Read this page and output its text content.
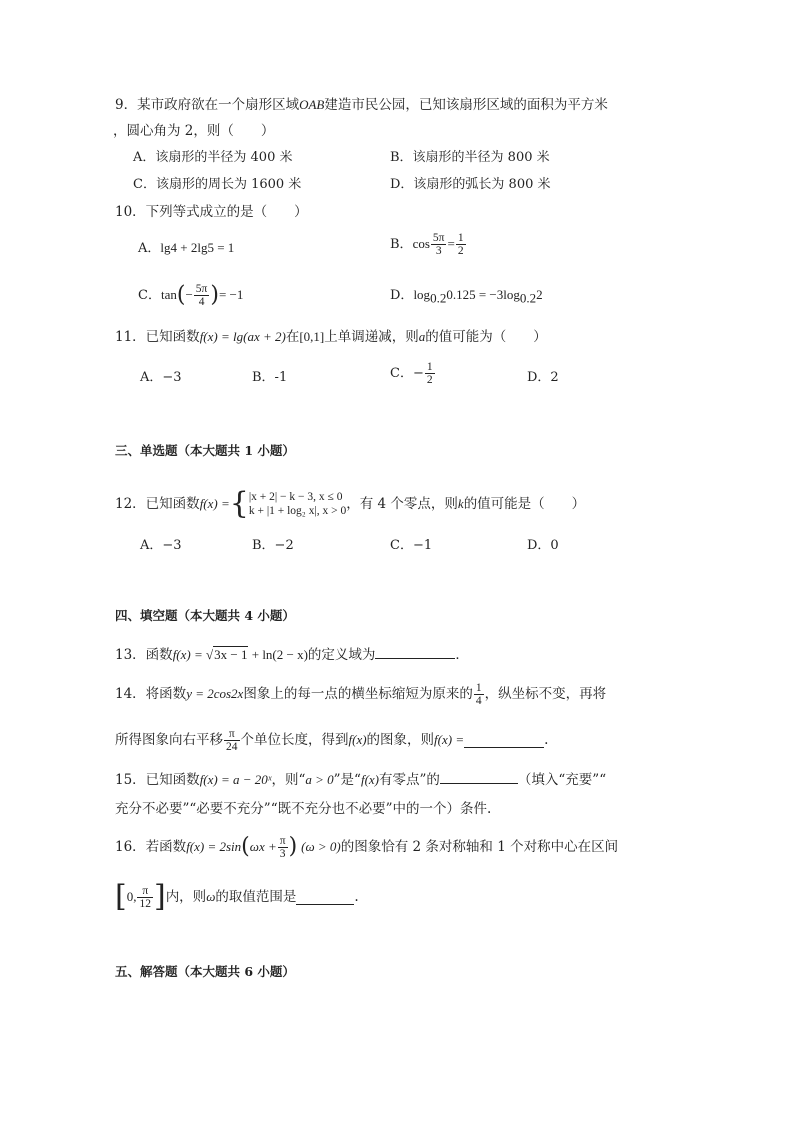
9．某市政府欲在一个扇形区域OAB建造市民公园，已知该扇形区域的面积为平方米
，圆心角为 2，则（　　）
A．该扇形的半径为 400 米	B．该扇形的半径为 800 米
C．该扇形的周长为 1600 米	D．该扇形的弧长为 800 米
10．下列等式成立的是（　　）
A．lg4 + 2lg5 = 1	B．$\cos \frac{5\pi}{3} = \frac{1}{2}$
C．$\tan(- \frac{5\pi}{4}$ )= −1	D．$\log_{0.2}0.125 = -3\log_{0.2}2$
11．已知函数f(x) = lg(ax + 2)在[0,1]上单调递减，则a的值可能为（　　）
A．−3	B．-1	C．− $\frac{1}{2}$	D．2
三、单选题（本大题共 1 小题）
12．已知函数 f(x) = { |x + 2| − k − 3, x ≤ 0
k + |1 + log₂ x|, x > 0 ，有 4 个零点，则 k 的值可能是（　　）
A．−3	B．−2	C．−1	D．0
四、填空题（本大题共 4 小题）
13．函数f(x) = √3x − 1 + ln(2 − x)的定义域为	．
14．将函数 y = 2cos2x 图象上的每一点的横坐标缩短为原来的 $\frac{1}{4}$ ，纵坐标不变，再将
所得图象向右平移 $\frac{\pi}{24}$ 个单位长度，得到 f(x) 的图象，则 f(x) =	.
15．已知函数f(x) = a − 20ˣ，则“a > 0”是“f(x)有零点”的	（填入“充要”“
充分不必要”“必要不充分”“既不充分也不必要”中的一个）条件.
16．若函数 f(x) = 2sin ( $\omega x + \frac{\pi}{3}$ ) (ω > 0) 的图象恰有 2 条对称轴和 1 个对称中心在区间
[ 0, $\frac{\pi}{12}$ ] 内，则 ω 的取值范围是	.
五、解答题（本大题共 6 小题）
